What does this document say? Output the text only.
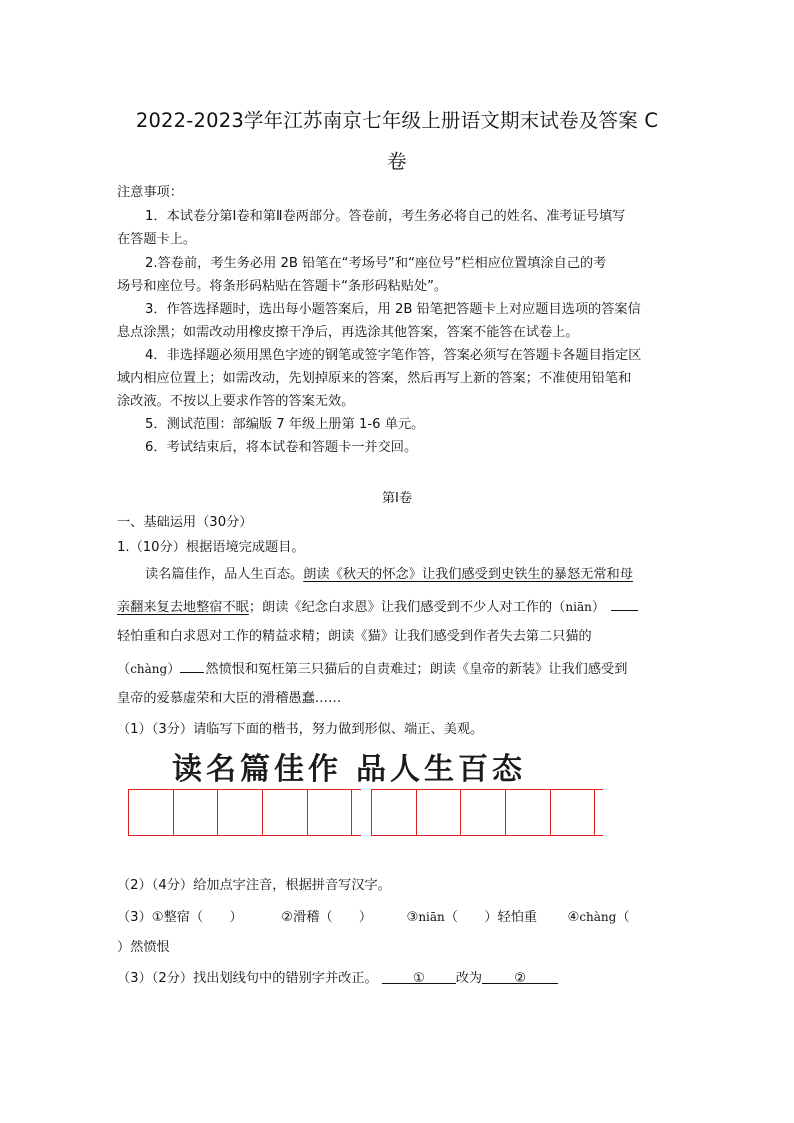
2022-2023学年江苏南京七年级上册语文期末试卷及答案 C
卷
注意事项：
1．本试卷分第Ⅰ卷和第Ⅱ卷两部分。答卷前，考生务必将自己的姓名、准考证号填写
在答题卡上。
2.答卷前，考生务必用 2B 铅笔在“考场号”和“座位号”栏相应位置填涂自己的考
场号和座位号。将条形码粘贴在答题卡“条形码粘贴处”。
3．作答选择题时，选出每小题答案后，用 2B 铅笔把答题卡上对应题目选项的答案信
息点涂黑；如需改动用橡皮擦干净后，再选涂其他答案，答案不能答在试卷上。
4．非选择题必须用黑色字迹的钢笔或签字笔作答，答案必须写在答题卡各题目指定区
域内相应位置上；如需改动，先划掉原来的答案，然后再写上新的答案；不准使用铅笔和
涂改液。不按以上要求作答的答案无效。
5．测试范围：部编版 7 年级上册第 1-6 单元。
6．考试结束后，将本试卷和答题卡一并交回。
第Ⅰ卷
一、基础运用（30分）
1.（10分）根据语境完成题目。
读名篇佳作，品人生百态。朗读《秋天的怀念》让我们感受到史铁生的暴怒无常和母
亲翻来复去地整宿不眠；朗读《纪念白求恩》让我们感受到不少人对工作的（niān）
轻怕重和白求恩对工作的精益求精；朗读《猫》让我们感受到作者失去第二只猫的
（chàng） 然愤恨和冤枉第三只猫后的自责难过；朗读《皇帝的新装》让我们感受到
皇帝的爱慕虚荣和大臣的滑稽愚蠢……
（1）（3分）请临写下面的楷书，努力做到形似、端正、美观。
读名篇佳作 品人生百态
（2）（4分）给加点字注音，根据拼音写汉字。
（3）①整宿（　　）	②滑稽（　　）	③niān（　　）轻怕重 ④chàng（
）然愤恨
（3）（2分）找出划线句中的错别字并改正。	① 改为 ②
